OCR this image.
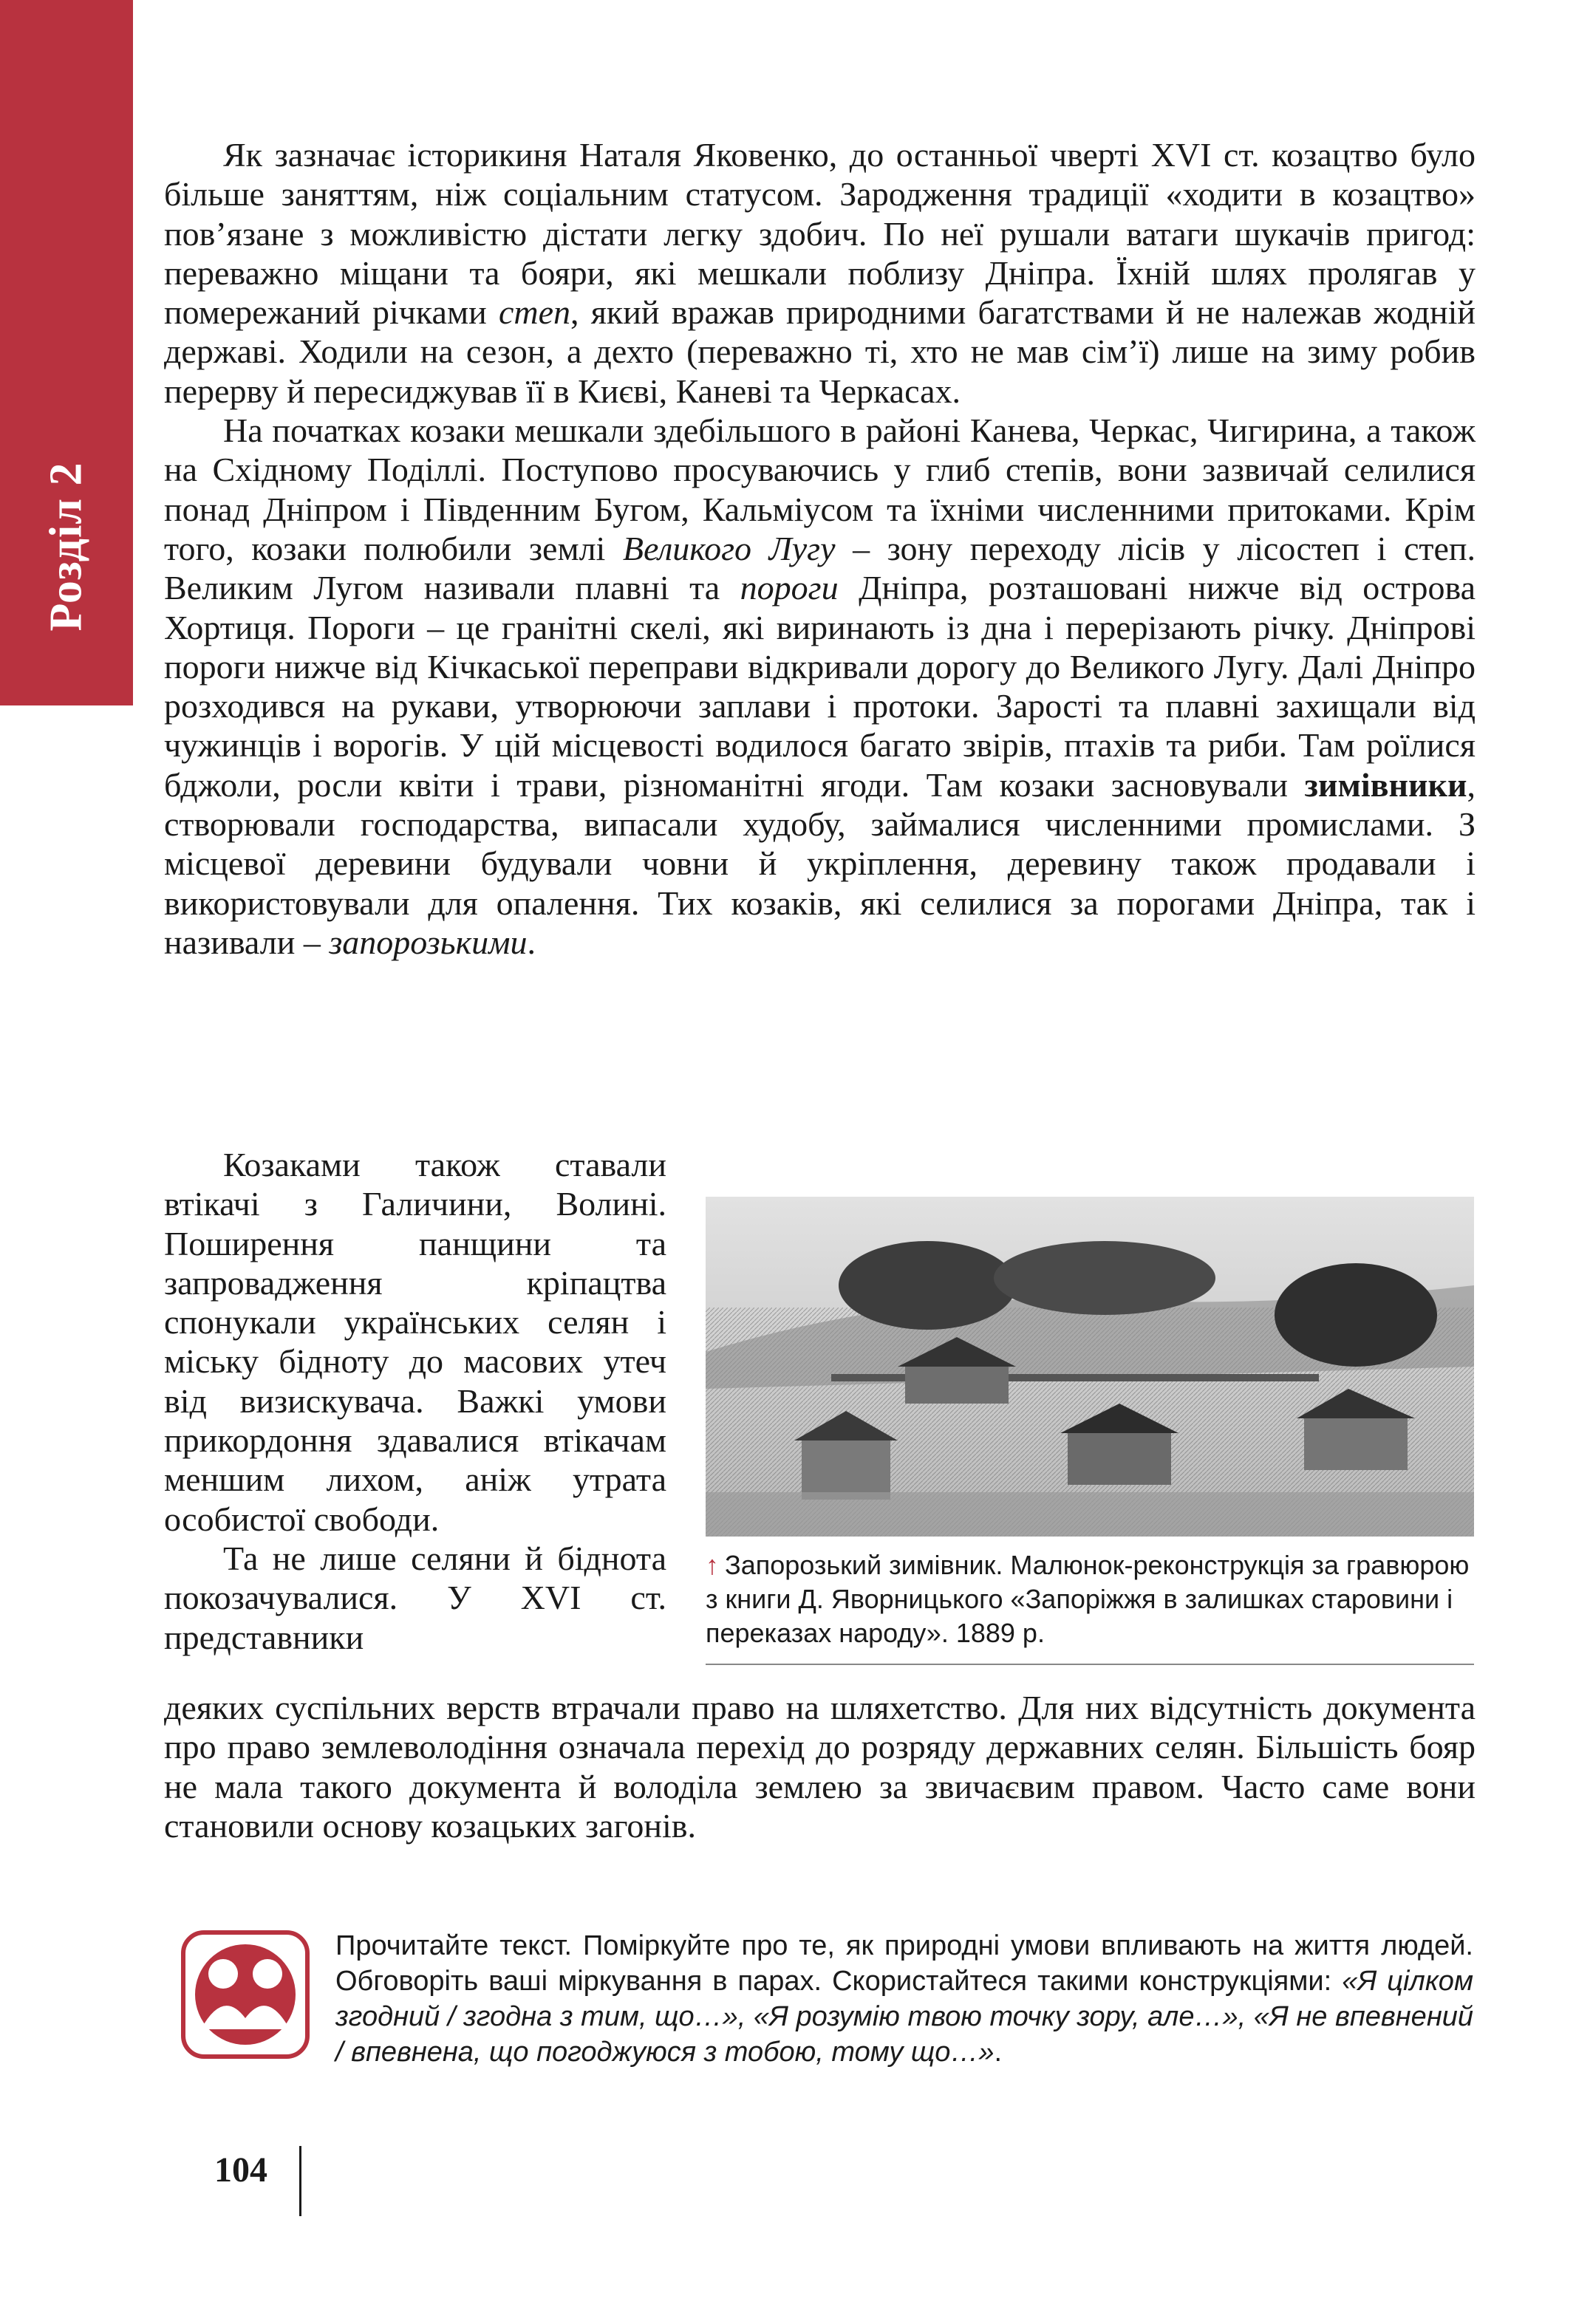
Розділ 2

Як зазначає історикиня Наталя Яковенко, до останньої чверті XVI ст. козацтво було більше заняттям, ніж соціальним статусом. Зародження традиції «ходити в козацтво» пов’язане з можливістю дістати легку здобич. По неї рушали ватаги шукачів пригод: переважно міщани та бояри, які мешкали поблизу Дніпра. Їхній шлях пролягав у помережаний річками степ, який вражав природними багатствами й не належав жодній державі. Ходили на сезон, а дехто (переважно ті, хто не мав сім’ї) лише на зиму робив перерву й пересиджував її в Києві, Каневі та Черкасах.

На початках козаки мешкали здебільшого в районі Канева, Черкас, Чигирина, а також на Східному Поділлі. Поступово просуваючись у глиб степів, вони зазвичай селилися понад Дніпром і Південним Бугом, Кальміусом та їхніми численними притоками. Крім того, козаки полюбили землі Великого Лугу – зону переходу лісів у лісостеп і степ. Великим Лугом називали плавні та пороги Дніпра, розташовані нижче від острова Хортиця. Пороги – це гранітні скелі, які виринають із дна і перерізають річку. Дніпрові пороги нижче від Кічкаської переправи відкривали дорогу до Великого Лугу. Далі Дніпро розходився на рукави, утворюючи заплави і протоки. Зарості та плавні захищали від чужинців і ворогів. У цій місцевості водилося багато звірів, птахів та риби. Там роїлися бджоли, росли квіти і трави, різноманітні ягоди. Там козаки засновували зимівники, створювали господарства, випасали худобу, займалися численними промислами. З місцевої деревини будували човни й укріплення, деревину також продавали і використовували для опалення. Тих козаків, які селилися за порогами Дніпра, так і називали – запорозькими.

Козаками також ставали втікачі з Галичини, Волині. Поширення панщини та запровадження кріпацтва спонукали українських селян і міську бідноту до масових утеч від визискувача. Важкі умови прикордоння здавалися втікачам меншим лихом, аніж утрата особистої свободи.

Та не лише селяни й біднота покозачувалися. У XVI ст. представники

↑ Запорозький зимівник. Малюнок-реконструкція за гравюрою з книги Д. Яворницького «Запоріжжя в залишках старовини і переказах народу». 1889 р.

деяких суспільних верств втрачали право на шляхетство. Для них відсутність документа про право землеволодіння означала перехід до розряду державних селян. Більшість бояр не мала такого документа й володіла землею за звичаєвим правом. Часто саме вони становили основу козацьких загонів.

Прочитайте текст. Поміркуйте про те, як природні умови впливають на життя людей. Обговоріть ваші міркування в парах. Скористайтеся такими конструкціями: «Я цілком згодний / згодна з тим, що…», «Я розумію твою точку зору, але…», «Я не впевнений / впевнена, що погоджуюся з тобою, тому що…».
104
